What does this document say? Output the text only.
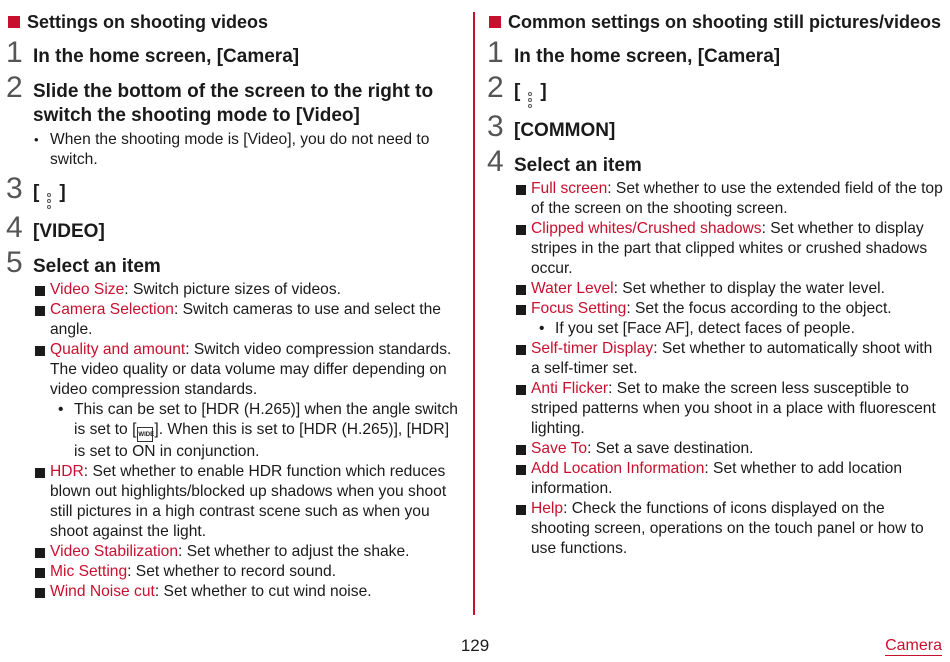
Settings on shooting videos
1 In the home screen, [Camera]
2 Slide the bottom of the screen to the right to switch the shooting mode to [Video]
• When the shooting mode is [Video], you do not need to switch.
3 [ ]
4 [VIDEO]
5 Select an item
Video Size: Switch picture sizes of videos.
Camera Selection: Switch cameras to use and select the angle.
Quality and amount: Switch video compression standards. The video quality or data volume may differ depending on video compression standards.
• This can be set to [HDR (H.265)] when the angle switch is set to [ WIDE]. When this is set to [HDR (H.265)], [HDR] is set to ON in conjunction.
HDR: Set whether to enable HDR function which reduces blown out highlights/blocked up shadows when you shoot still pictures in a high contrast scene such as when you shoot against the light.
Video Stabilization: Set whether to adjust the shake.
Mic Setting: Set whether to record sound.
Wind Noise cut: Set whether to cut wind noise.
Common settings on shooting still pictures/videos
1 In the home screen, [Camera]
2 [ ]
3 [COMMON]
4 Select an item
Full screen: Set whether to use the extended field of the top of the screen on the shooting screen.
Clipped whites/Crushed shadows: Set whether to display stripes in the part that clipped whites or crushed shadows occur.
Water Level: Set whether to display the water level.
Focus Setting: Set the focus according to the object.
• If you set [Face AF], detect faces of people.
Self-timer Display: Set whether to automatically shoot with a self-timer set.
Anti Flicker: Set to make the screen less susceptible to striped patterns when you shoot in a place with fluorescent lighting.
Save To: Set a save destination.
Add Location Information: Set whether to add location information.
Help: Check the functions of icons displayed on the shooting screen, operations on the touch panel or how to use functions.
129	Camera
